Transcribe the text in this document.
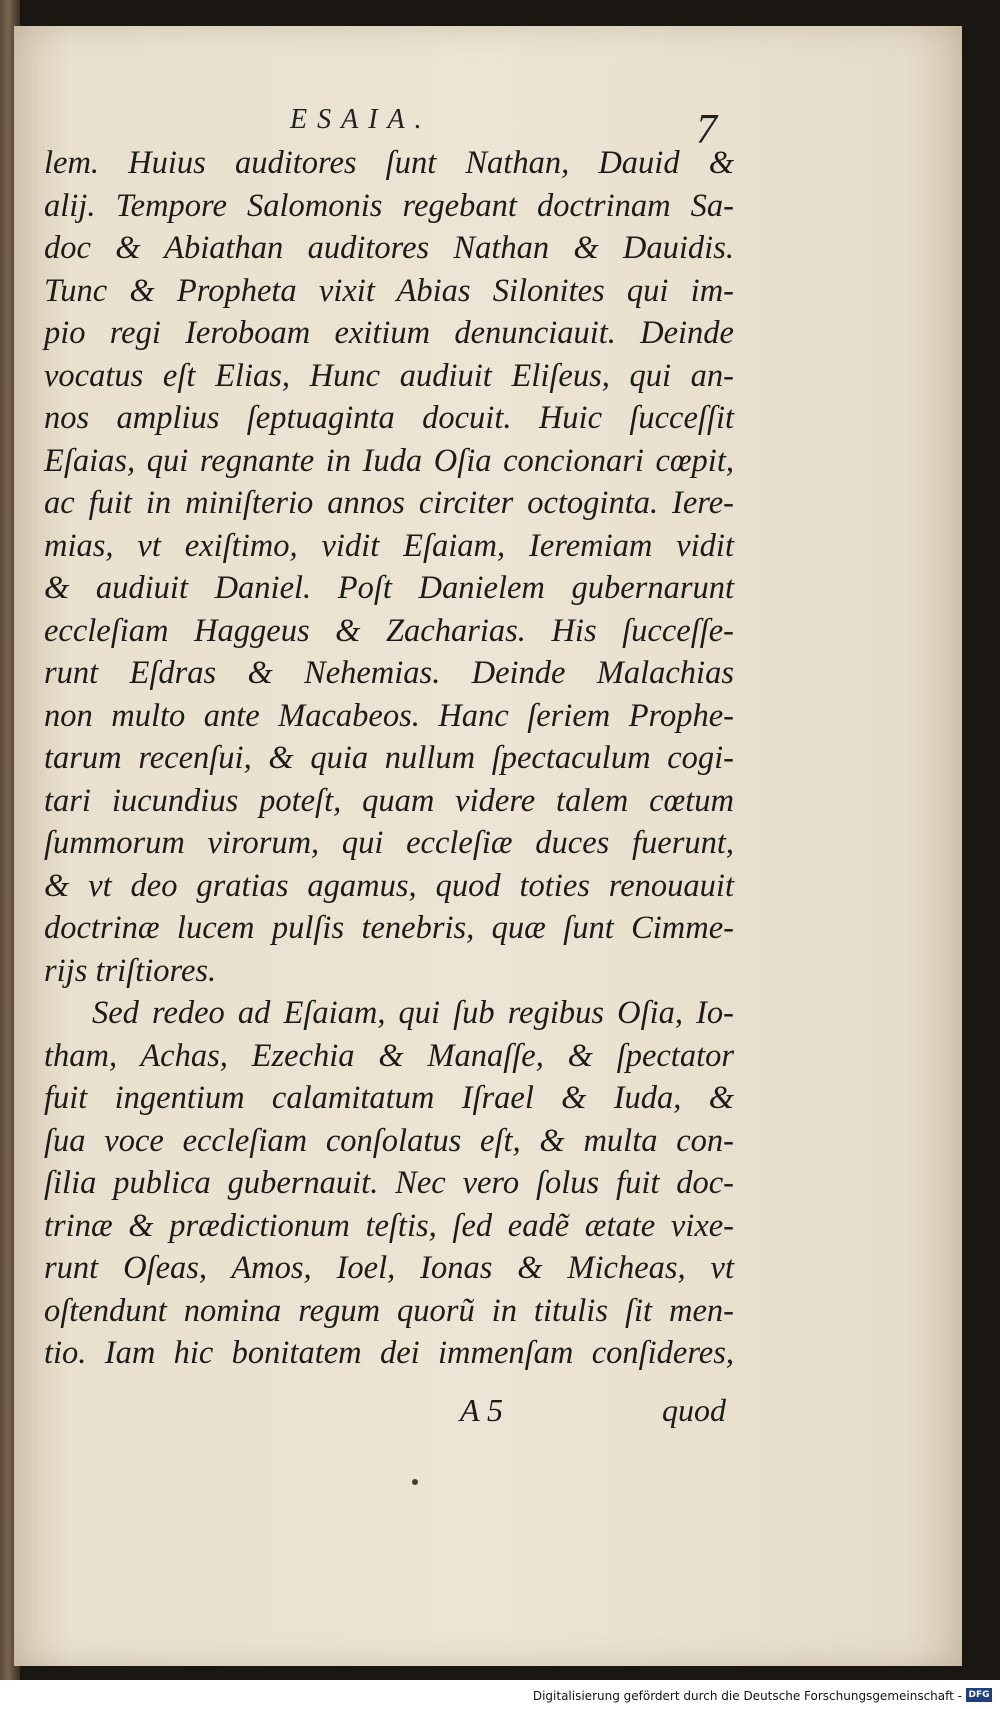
ESAIA.	7
lem. Huius auditores ſunt Nathan, Dauid &
alij. Tempore Salomonis regebant doctrinam Sa-
doc & Abiathan auditores Nathan & Dauidis.
Tunc & Propheta vixit Abias Silonites qui im-
pio regi Ieroboam exitium denunciauit. Deinde
vocatus eſt Elias, Hunc audiuit Eliſeus, qui an-
nos amplius ſeptuaginta docuit. Huic ſucceſſit
Eſaias, qui regnante in Iuda Oſia concionari cœpit,
ac fuit in miniſterio annos circiter octoginta. Iere-
mias, vt exiſtimo, vidit Eſaiam, Ieremiam vidit
& audiuit Daniel. Poſt Danielem gubernarunt
eccleſiam Haggeus & Zacharias. His ſucceſſe-
runt Eſdras & Nehemias. Deinde Malachias
non multo ante Macabeos. Hanc ſeriem Prophe-
tarum recenſui, & quia nullum ſpectaculum cogi-
tari iucundius poteſt, quam videre talem cœtum
ſummorum virorum, qui eccleſiæ duces fuerunt,
& vt deo gratias agamus, quod toties renouauit
doctrinæ lucem pulſis tenebris, quæ ſunt Cimme-
rijs triſtiores.
Sed redeo ad Eſaiam, qui ſub regibus Oſia, Io-
tham, Achas, Ezechia & Manaſſe, & ſpectator
fuit ingentium calamitatum Iſrael & Iuda, &
ſua voce eccleſiam conſolatus eſt, & multa con-
ſilia publica gubernauit. Nec vero ſolus fuit doc-
trinæ & prædictionum teſtis, ſed eadẽ ætate vixe-
runt Oſeas, Amos, Ioel, Ionas & Micheas, vt
oſtendunt nomina regum quorũ in titulis ſit men-
tio. Iam hic bonitatem dei immenſam conſideres,
A 5	quod
Digitalisierung gefördert durch die Deutsche Forschungsgemeinschaft - DFG
